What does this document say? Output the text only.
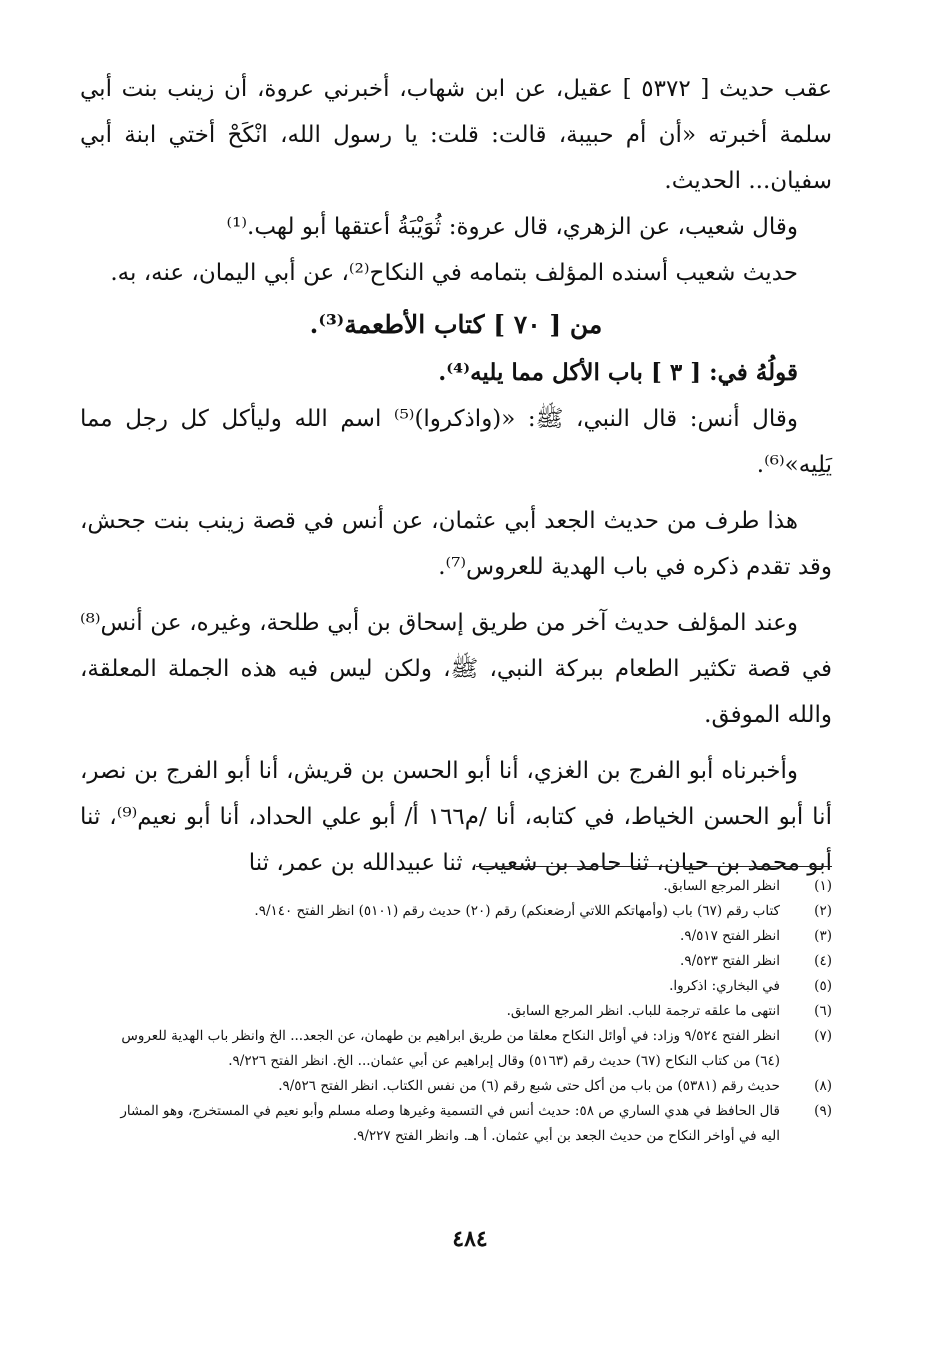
عقب حديث [ ٥٣٧٢ ] عقيل، عن ابن شهاب، أخبرني عروة، أن زينب بنت أبي سلمة أخبرته «أن أم حبيبة، قالت: قلت: يا رسول الله، انْكَحْ أختي ابنة أبي سفيان... الحديث.

وقال شعيب، عن الزهري، قال عروة: ثُوَيْبَةُ أعتقها أبو لهب.⁽¹⁾

حديث شعيب أسنده المؤلف بتمامه في النكاح⁽²⁾، عن أبي اليمان، عنه، به.

من [ ٧٠ ] كتاب الأطعمة⁽³⁾.

قولُهُ في: [ ٣ ] باب الأكل مما يليه⁽⁴⁾.

وقال أنس: قال النبي، ﷺ: «(واذكروا)⁽⁵⁾ اسم الله وليأكل كل رجل مما يَلِيه»⁽⁶⁾.

هذا طرف من حديث الجعد أبي عثمان، عن أنس في قصة زينب بنت جحش، وقد تقدم ذكره في باب الهدية للعروس⁽⁷⁾.

وعند المؤلف حديث آخر من طريق إسحاق بن أبي طلحة، وغيره، عن أنس⁽⁸⁾ في قصة تكثير الطعام ببركة النبي، ﷺ، ولكن ليس فيه هذه الجملة المعلقة، والله الموفق.

وأخبرناه أبو الفرج بن الغزي، أنا أبو الحسن بن قريش، أنا أبو الفرج بن نصر، أنا أبو الحسن الخياط، في كتابه، أنا /م١٦٦ أ/ أبو علي الحداد، أنا أبو نعيم⁽⁹⁾، ثنا أبو محمد بن حيان، ثنا حامد بن شعيب، ثنا عبيدالله بن عمر، ثنا

(١)
انظر المرجع السابق.
(٢)
كتاب رقم (٦٧) باب (وأمهاتكم اللاتي أرضعنكم) رقم (٢٠) حديث رقم (٥١٠١) انظر الفتح ٩/١٤٠.
(٣)
انظر الفتح ٩/٥١٧.
(٤)
انظر الفتح ٩/٥٢٣.
(٥)
في البخاري: اذكروا.
(٦)
انتهى ما علقه ترجمة للباب. انظر المرجع السابق.
(٧)
انظر الفتح ٩/٥٢٤ وزاد: في أوائل النكاح معلقا من طريق ابراهيم بن طهمان، عن الجعد... الخ وانظر باب الهدية للعروس (٦٤) من كتاب النكاح (٦٧) حديث رقم (٥١٦٣) وقال إبراهيم عن أبي عثمان... الخ. انظر الفتح ٩/٢٢٦.
(٨)
حديث رقم (٥٣٨١) من باب من أكل حتى شبع رقم (٦) من نفس الكتاب. انظر الفتح ٩/٥٢٦.
(٩)
قال الحافظ في هدي الساري ص ٥٨: حديث أنس في التسمية وغيرها وصله مسلم وأبو نعيم في المستخرج، وهو المشار اليه في أواخر النكاح من حديث الجعد بن أبي عثمان. أ هـ. وانظر الفتح ٩/٢٢٧.
٤٨٤
